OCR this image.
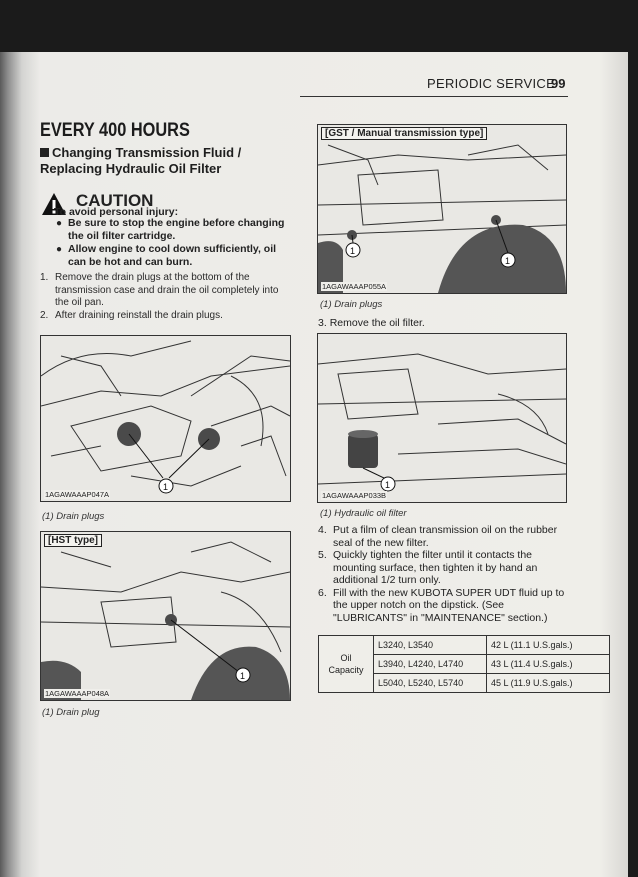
PERIODIC SERVICE
99
EVERY 400 HOURS
Changing Transmission Fluid / Replacing Hydraulic Oil Filter
CAUTION
To avoid personal injury:
● Be sure to stop the engine before changing the oil filter cartridge.
● Allow engine to cool down sufficiently, oil can be hot and can burn.
1. Remove the drain plugs at the bottom of the transmission case and drain the oil completely into the oil pan.
2. After draining reinstall the drain plugs.
1
1AGAWAAAP047A
(1) Drain plugs
1
[HST type]
1AGAWAAAP048A
(1) Drain plug
1
1
[GST / Manual transmission type]
1AGAWAAAP055A
(1) Drain plugs
3. Remove the oil filter.
1
1AGAWAAAP033B
(1) Hydraulic oil filter
4. Put a film of clean transmission oil on the rubber seal of the new filter.
5. Quickly tighten the filter until it contacts the mounting surface, then tighten it by hand an additional 1/2 turn only.
6. Fill with the new KUBOTA SUPER UDT fluid up to the upper notch on the dipstick. (See "LUBRICANTS" in "MAINTENANCE" section.)
Oil Capacity	L3240, L3540	42 L (11.1 U.S.gals.)
	L3940, L4240, L4740	43 L (11.4 U.S.gals.)
	L5040, L5240, L5740	45 L (11.9 U.S.gals.)
